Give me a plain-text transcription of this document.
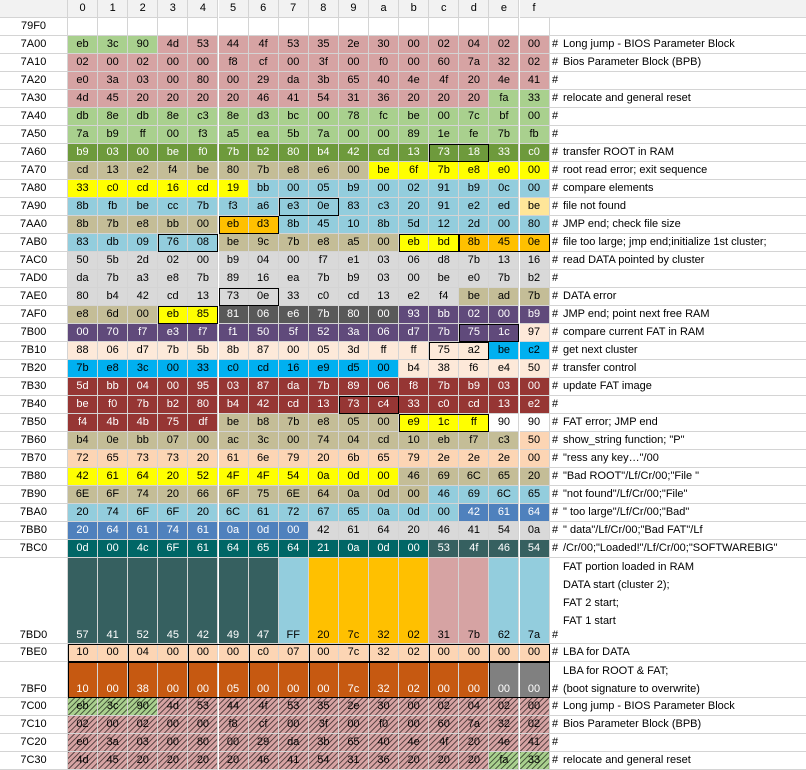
0	1	2	3	4	5	6	7	8	9	a	b	c	d	e	f
79F0
7A00	eb	3c	90	4d	53	44	4f	53	35	2e	30	00	02	04	02	00	# Long jump - BIOS Parameter Block
7A10	02	00	02	00	00	f8	cf	00	3f	00	f0	00	60	7a	32	02	# Bios Parameter Block (BPB)
7A20	e0	3a	03	00	80	00	29	da	3b	65	40	4e	4f	20	4e	41	#
7A30	4d	45	20	20	20	20	46	41	54	31	36	20	20	20	fa	33	# relocate and general reset
7A40	db	8e	db	8e	c3	8e	d3	bc	00	78	fc	be	00	7c	bf	00	#
7A50	7a	b9	ff	00	f3	a5	ea	5b	7a	00	00	89	1e	fe	7b	fb	#
7A60	b9	03	00	be	f0	7b	b2	80	b4	42	cd	13	73	18	33	c0	# transfer ROOT in RAM
7A70	cd	13	e2	f4	be	80	7b	e8	e6	00	be	6f	7b	e8	e0	00	# root read error; exit sequence
7A80	33	c0	cd	16	cd	19	bb	00	05	b9	00	02	91	b9	0c	00	# compare elements
7A90	8b	fb	be	cc	7b	f3	a6	e3	0e	83	c3	20	91	e2	ed	be	# file not found
7AA0	8b	7b	e8	bb	00	eb	d3	8b	45	10	8b	5d	12	2d	00	80	# JMP end; check file size
7AB0	83	db	09	76	08	be	9c	7b	e8	a5	00	eb	bd	8b	45	0e	# file too large; jmp end;initialize 1st cluster;
7AC0	50	5b	2d	02	00	b9	04	00	f7	e1	03	06	d8	7b	13	16	# read DATA pointed by cluster
7AD0	da	7b	a3	e8	7b	89	16	ea	7b	b9	03	00	be	e0	7b	b2	#
7AE0	80	b4	42	cd	13	73	0e	33	c0	cd	13	e2	f4	be	ad	7b	# DATA error
7AF0	e8	6d	00	eb	85	81	06	e6	7b	80	00	93	bb	02	00	b9	# JMP end; point next free RAM
7B00	00	70	f7	e3	f7	f1	50	5f	52	3a	06	d7	7b	75	1c	97	# compare current FAT in RAM
7B10	88	06	d7	7b	5b	8b	87	00	05	3d	ff	ff	75	a2	be	c2	# get next cluster
7B20	7b	e8	3c	00	33	c0	cd	16	e9	d5	00	b4	38	f6	e4	50	# transfer control
7B30	5d	bb	04	00	95	03	87	da	7b	89	06	f8	7b	b9	03	00	# update FAT image
7B40	be	f0	7b	b2	80	b4	42	cd	13	73	c4	33	c0	cd	13	e2	#
7B50	f4	4b	4b	75	df	be	b8	7b	e8	05	00	e9	1c	ff	90	90	# FAT error; JMP end
7B60	b4	0e	bb	07	00	ac	3c	00	74	04	cd	10	eb	f7	c3	50	# show_string function; "P"
7B70	72	65	73	73	20	61	6e	79	20	6b	65	79	2e	2e	2e	00	# "ress any key…"/00
7B80	42	61	64	20	52	4F	4F	54	0a	0d	00	46	69	6C	65	20	# "Bad ROOT"/Lf/Cr/00;"File "
7B90	6E	6F	74	20	66	6F	75	6E	64	0a	0d	00	46	69	6C	65	# "not found"/Lf/Cr/00;"File"
7BA0	20	74	6F	6F	20	6C	61	72	67	65	0a	0d	00	42	61	64	# " too large"/Lf/Cr/00;"Bad"
7BB0	20	64	61	74	61	0a	0d	00	42	61	64	20	46	41	54	0a	# " data"/Lf/Cr/00;"Bad FAT"/Lf
7BC0	0d	00	4c	6F	61	64	65	64	21	0a	0d	00	53	4f	46	54	# /Cr/00;"Loaded!"/Lf/Cr/00;"SOFTWAREBIG"
7BD0	57	41	52	45	42	49	47	FF	20	7c	32	02	31	7b	62	7a	#
FAT portion loaded in RAM
DATA start (cluster 2);
FAT 2 start;
FAT 1 start
7BE0	10	00	04	00	00	00	c0	07	00	7c	32	02	00	00	00	00	# LBA for DATA
7BF0	10	00	38	00	00	05	00	00	00	7c	32	02	00	00	00	00	#
LBA for ROOT & FAT;
(boot signature to overwrite)
7C00	eb	3c	90	4d	53	44	4f	53	35	2e	30	00	02	04	02	00	# Long jump - BIOS Parameter Block
7C10	02	00	02	00	00	f8	cf	00	3f	00	f0	00	60	7a	32	02	# Bios Parameter Block (BPB)
7C20	e0	3a	03	00	80	00	29	da	3b	65	40	4e	4f	20	4e	41	#
7C30	4d	45	20	20	20	20	46	41	54	31	36	20	20	20	fa	33	# relocate and general reset
